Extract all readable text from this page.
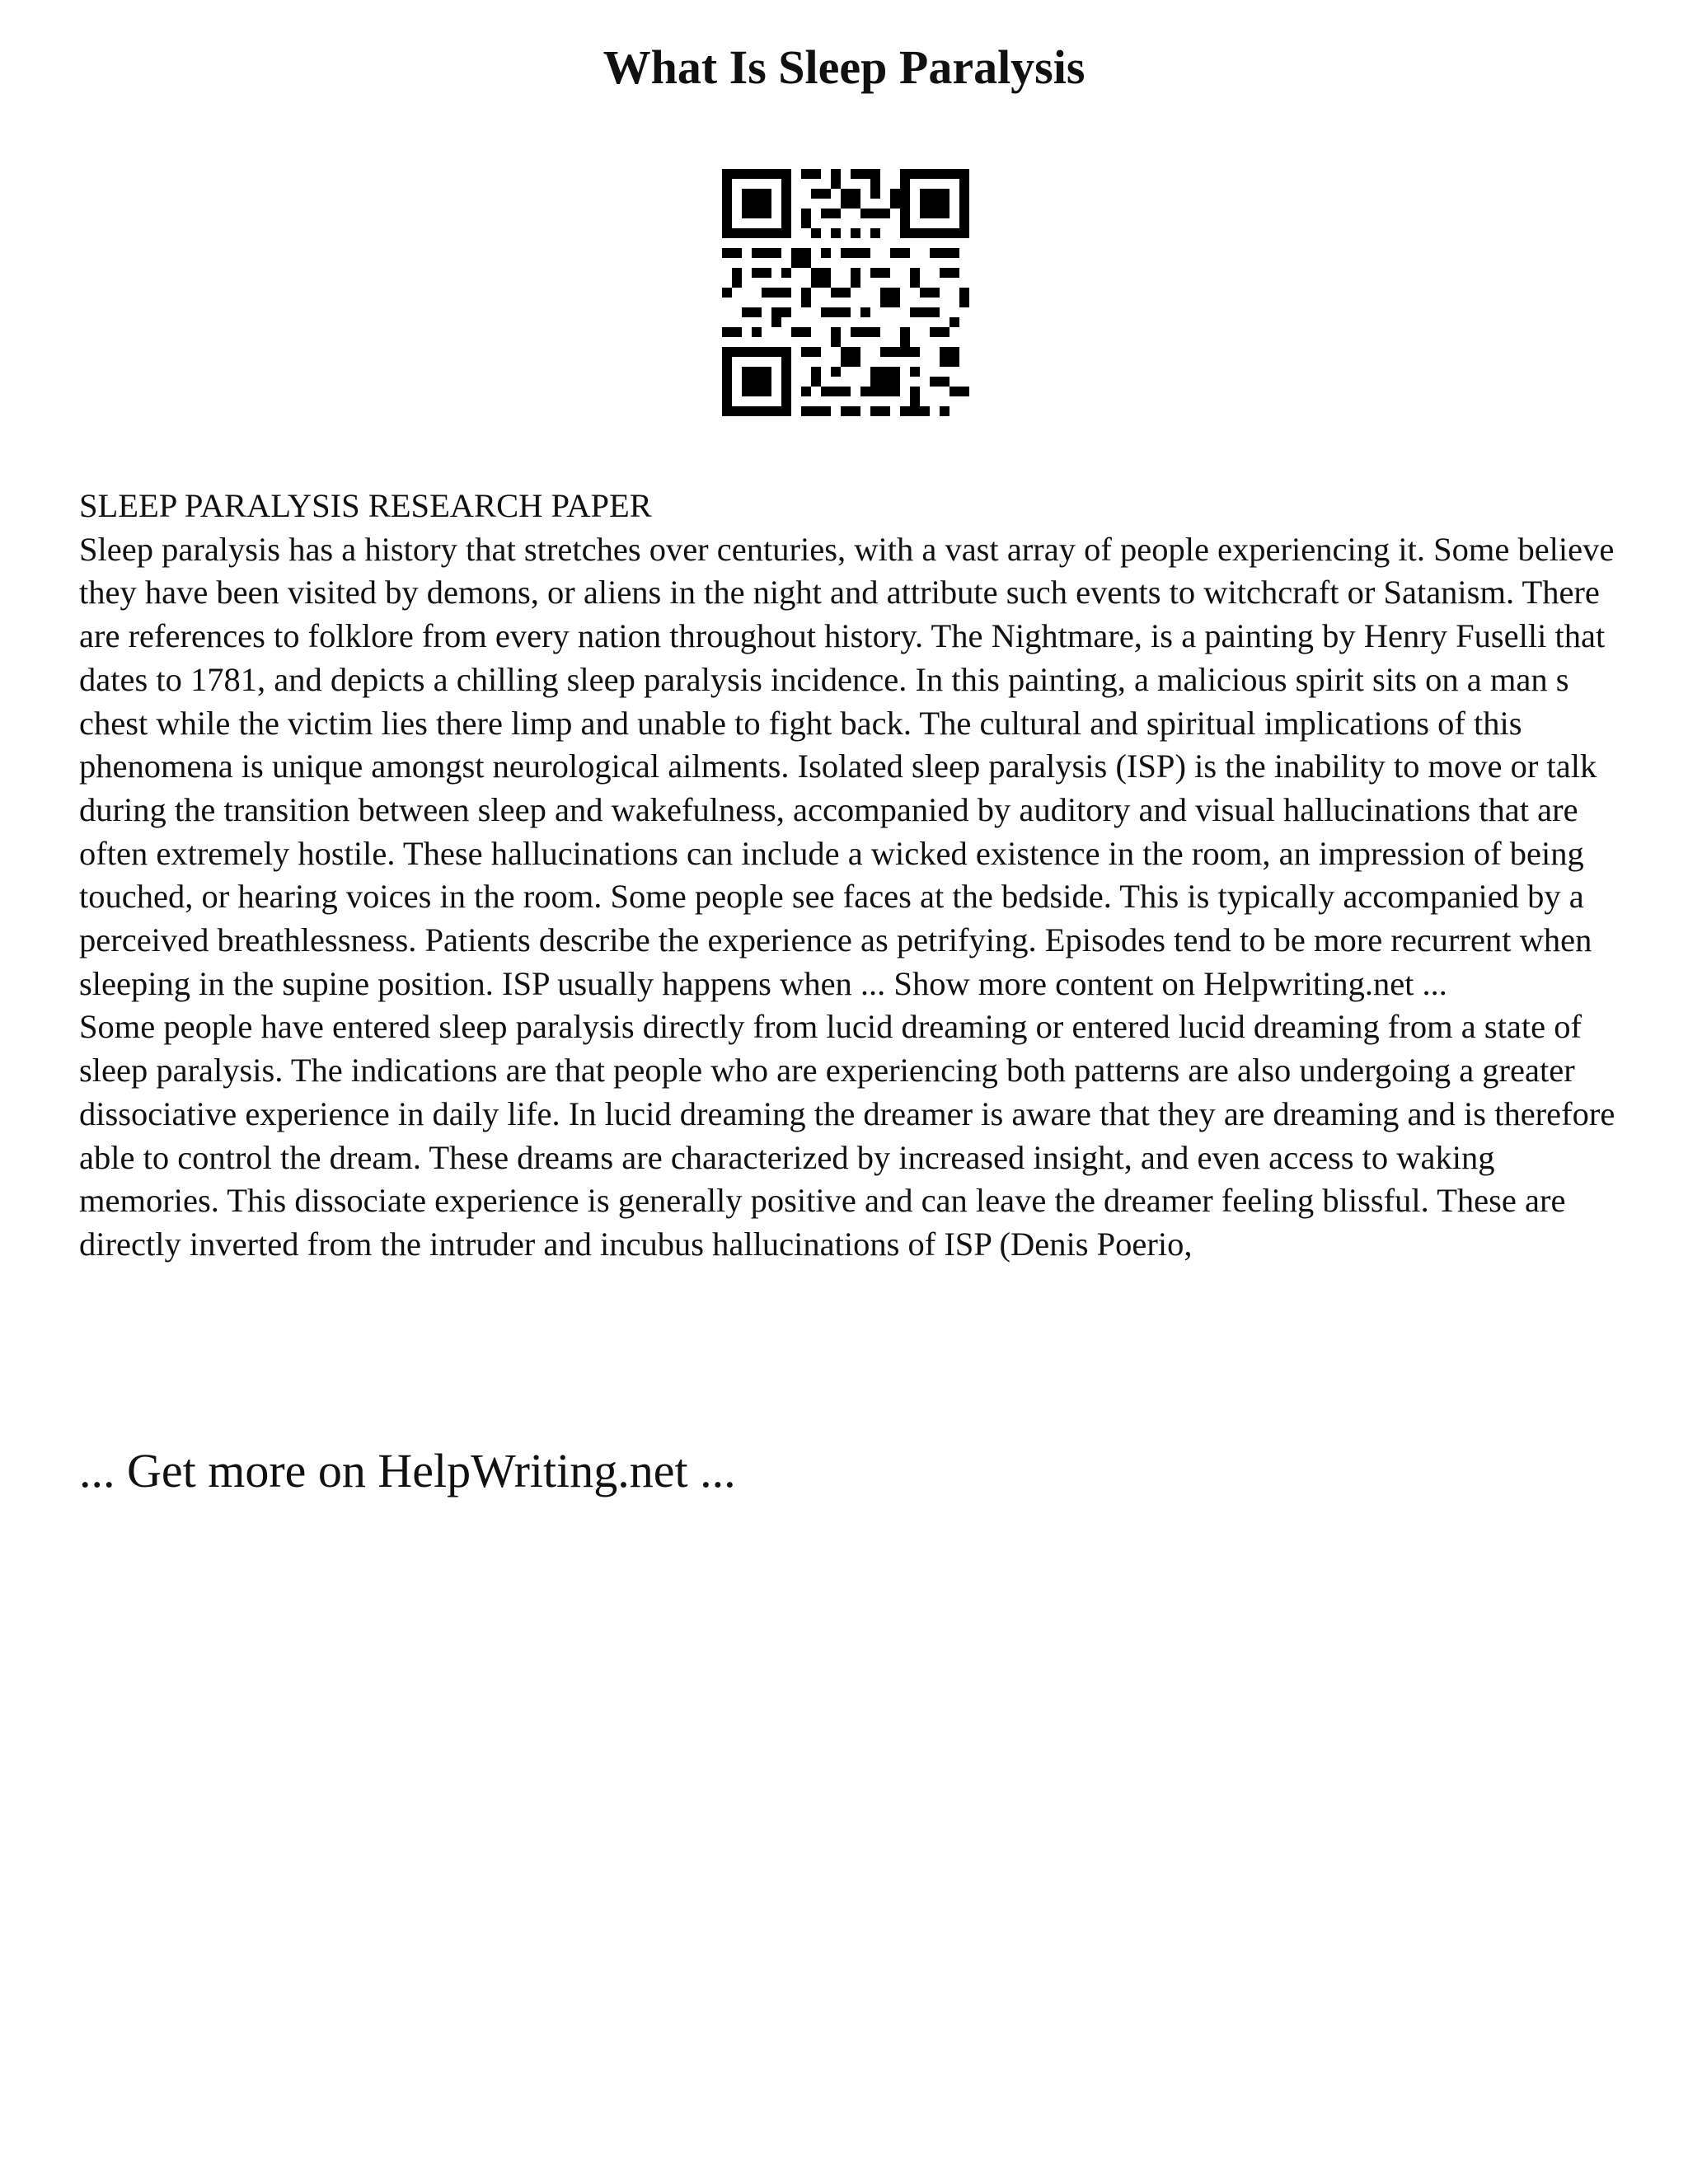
What Is Sleep Paralysis

SLEEP PARALYSIS RESEARCH PAPER

Sleep paralysis has a history that stretches over centuries, with a vast array of people experiencing it. Some believe they have been visited by demons, or aliens in the night and attribute such events to witchcraft or Satanism. There are references to folklore from every nation throughout history. The Nightmare, is a painting by Henry Fuselli that dates to 1781, and depicts a chilling sleep paralysis incidence. In this painting, a malicious spirit sits on a man s chest while the victim lies there limp and unable to fight back. The cultural and spiritual implications of this phenomena is unique amongst neurological ailments. Isolated sleep paralysis (ISP) is the inability to move or talk during the transition between sleep and wakefulness, accompanied by auditory and visual hallucinations that are often extremely hostile. These hallucinations can include a wicked existence in the room, an impression of being touched, or hearing voices in the room. Some people see faces at the bedside. This is typically accompanied by a perceived breathlessness. Patients describe the experience as petrifying. Episodes tend to be more recurrent when sleeping in the supine position. ISP usually happens when ... Show more content on Helpwriting.net ...

Some people have entered sleep paralysis directly from lucid dreaming or entered lucid dreaming from a state of sleep paralysis. The indications are that people who are experiencing both patterns are also undergoing a greater dissociative experience in daily life. In lucid dreaming the dreamer is aware that they are dreaming and is therefore able to control the dream. These dreams are characterized by increased insight, and even access to waking memories. This dissociate experience is generally positive and can leave the dreamer feeling blissful. These are directly inverted from the intruder and incubus hallucinations of ISP (Denis Poerio,

... Get more on HelpWriting.net ...
